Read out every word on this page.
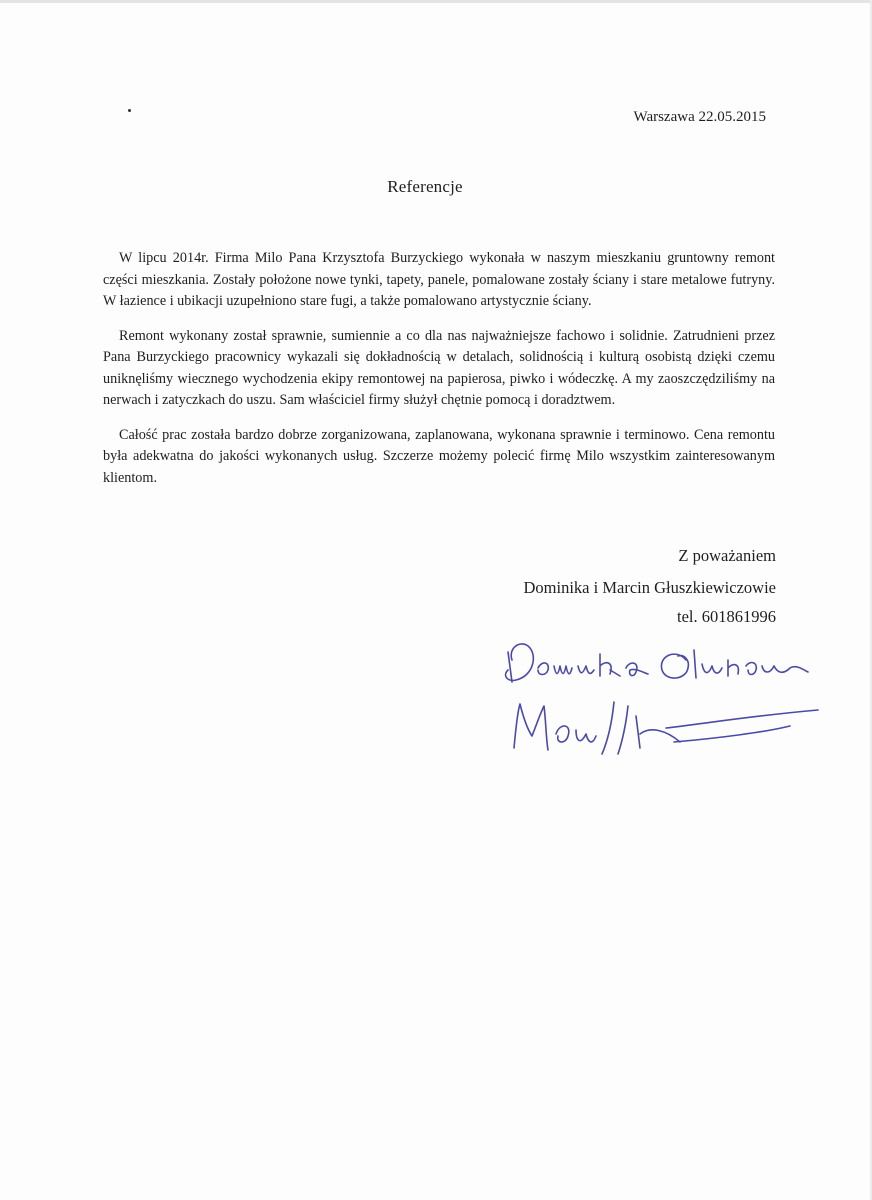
Warszawa 22.05.2015
Referencje

W lipcu 2014r. Firma Milo Pana Krzysztofa Burzyckiego wykonała w naszym mieszkaniu gruntowny remont części mieszkania. Zostały położone nowe tynki, tapety, panele, pomalowane zostały ściany i stare metalowe futryny. W łazience i ubikacji uzupełniono stare fugi, a także pomalowano artystycznie ściany.

Remont wykonany został sprawnie, sumiennie a co dla nas najważniejsze fachowo i solidnie. Zatrudnieni przez Pana Burzyckiego pracownicy wykazali się dokładnością w detalach, solidnością i kulturą osobistą dzięki czemu uniknęliśmy wiecznego wychodzenia ekipy remontowej na papierosa, piwko i wódeczkę. A my zaoszczędziliśmy na nerwach i zatyczkach do uszu. Sam właściciel firmy służył chętnie pomocą i doradztwem.

Całość prac została bardzo dobrze zorganizowana, zaplanowana, wykonana sprawnie i terminowo. Cena remontu była adekwatna do jakości wykonanych usług. Szczerze możemy polecić firmę Milo wszystkim zainteresowanym klientom.

Z poważaniem
Dominika i Marcin Głuszkiewiczowie
tel. 601861996
